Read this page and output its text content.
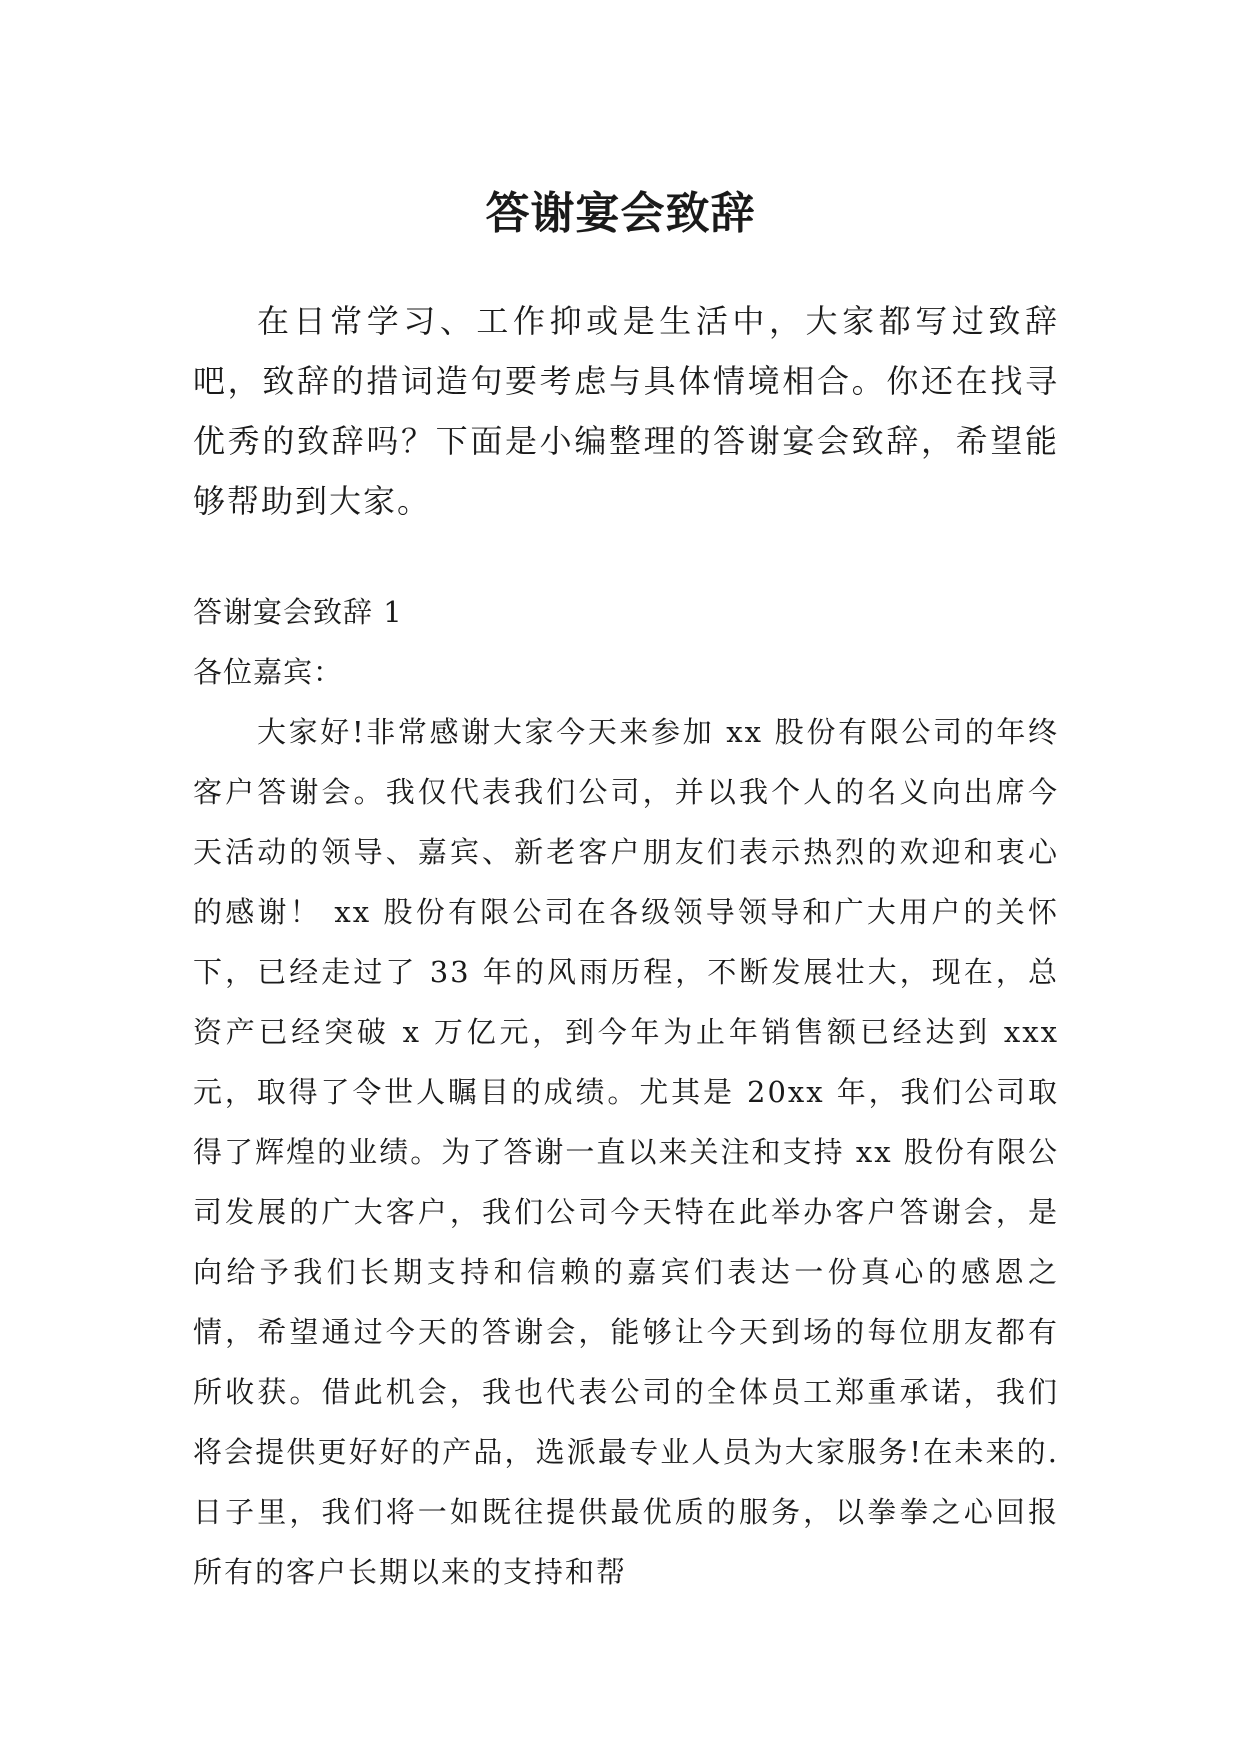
答谢宴会致辞

在日常学习、工作抑或是生活中，大家都写过致辞吧，致辞的措词造句要考虑与具体情境相合。你还在找寻优秀的致辞吗？下面是小编整理的答谢宴会致辞，希望能够帮助到大家。

答谢宴会致辞 1

各位嘉宾：

大家好!非常感谢大家今天来参加 xx 股份有限公司的年终客户答谢会。我仅代表我们公司，并以我个人的名义向出席今天活动的领导、嘉宾、新老客户朋友们表示热烈的欢迎和衷心的感谢！ xx 股份有限公司在各级领导领导和广大用户的关怀下，已经走过了 33 年的风雨历程，不断发展壮大，现在，总资产已经突破 x 万亿元，到今年为止年销售额已经达到 xxx 元，取得了令世人瞩目的成绩。尤其是 20xx 年，我们公司取得了辉煌的业绩。为了答谢一直以来关注和支持 xx 股份有限公司发展的广大客户，我们公司今天特在此举办客户答谢会，是向给予我们长期支持和信赖的嘉宾们表达一份真心的感恩之情，希望通过今天的答谢会，能够让今天到场的每位朋友都有所收获。借此机会，我也代表公司的全体员工郑重承诺，我们将会提供更好好的产品，选派最专业人员为大家服务!在未来的.日子里，我们将一如既往提供最优质的服务，以拳拳之心回报所有的客户长期以来的支持和帮
